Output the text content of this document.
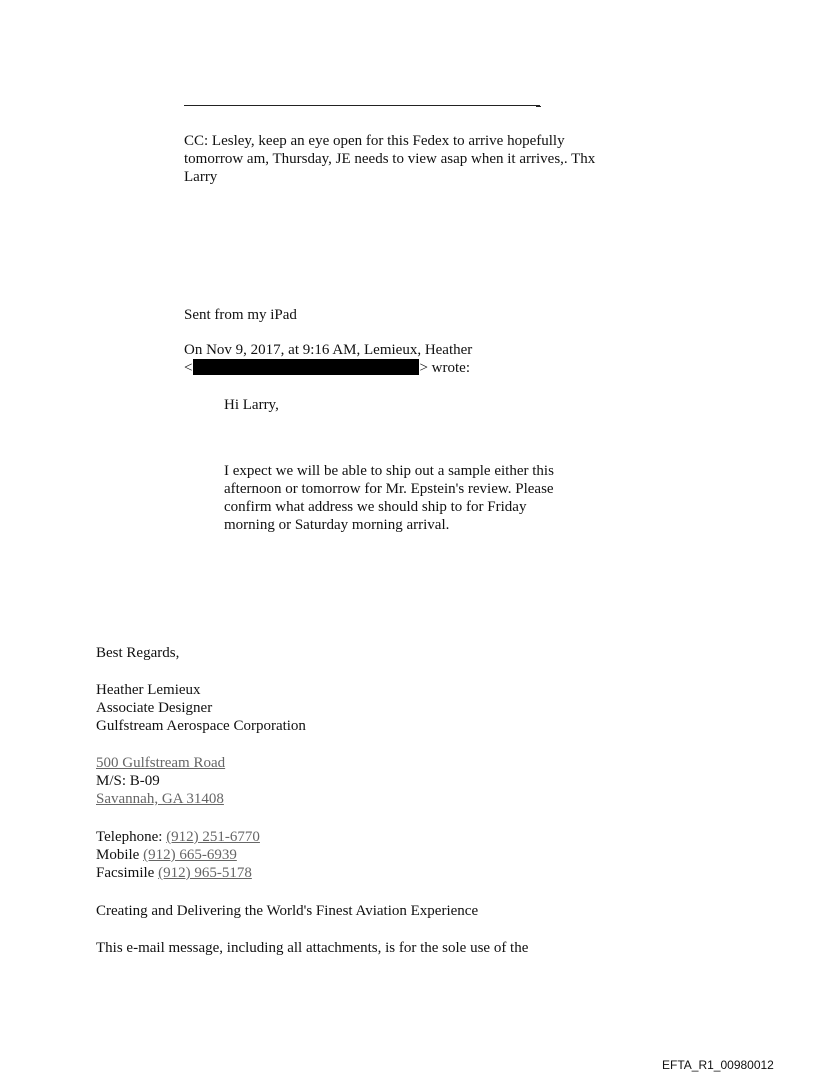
CC: Lesley, keep an eye open for this Fedex to arrive hopefully
tomorrow am, Thursday, JE needs to view asap when it arrives,. Thx
Larry
Sent from my iPad
On Nov 9, 2017, at 9:16 AM, Lemieux, Heather
<	> wrote:
Hi Larry,
I expect we will be able to ship out a sample either this
afternoon or tomorrow for Mr. Epstein's review. Please
confirm what address we should ship to for Friday
morning or Saturday morning arrival.
Best Regards,
Heather Lemieux
Associate Designer
Gulfstream Aerospace Corporation
500 Gulfstream Road
M/S: B-09
Savannah, GA 31408
Telephone: (912) 251-6770
Mobile (912) 665-6939
Facsimile (912) 965-5178
Creating and Delivering the World's Finest Aviation Experience
This e-mail message, including all attachments, is for the sole use of the
EFTA_R1_00980012
